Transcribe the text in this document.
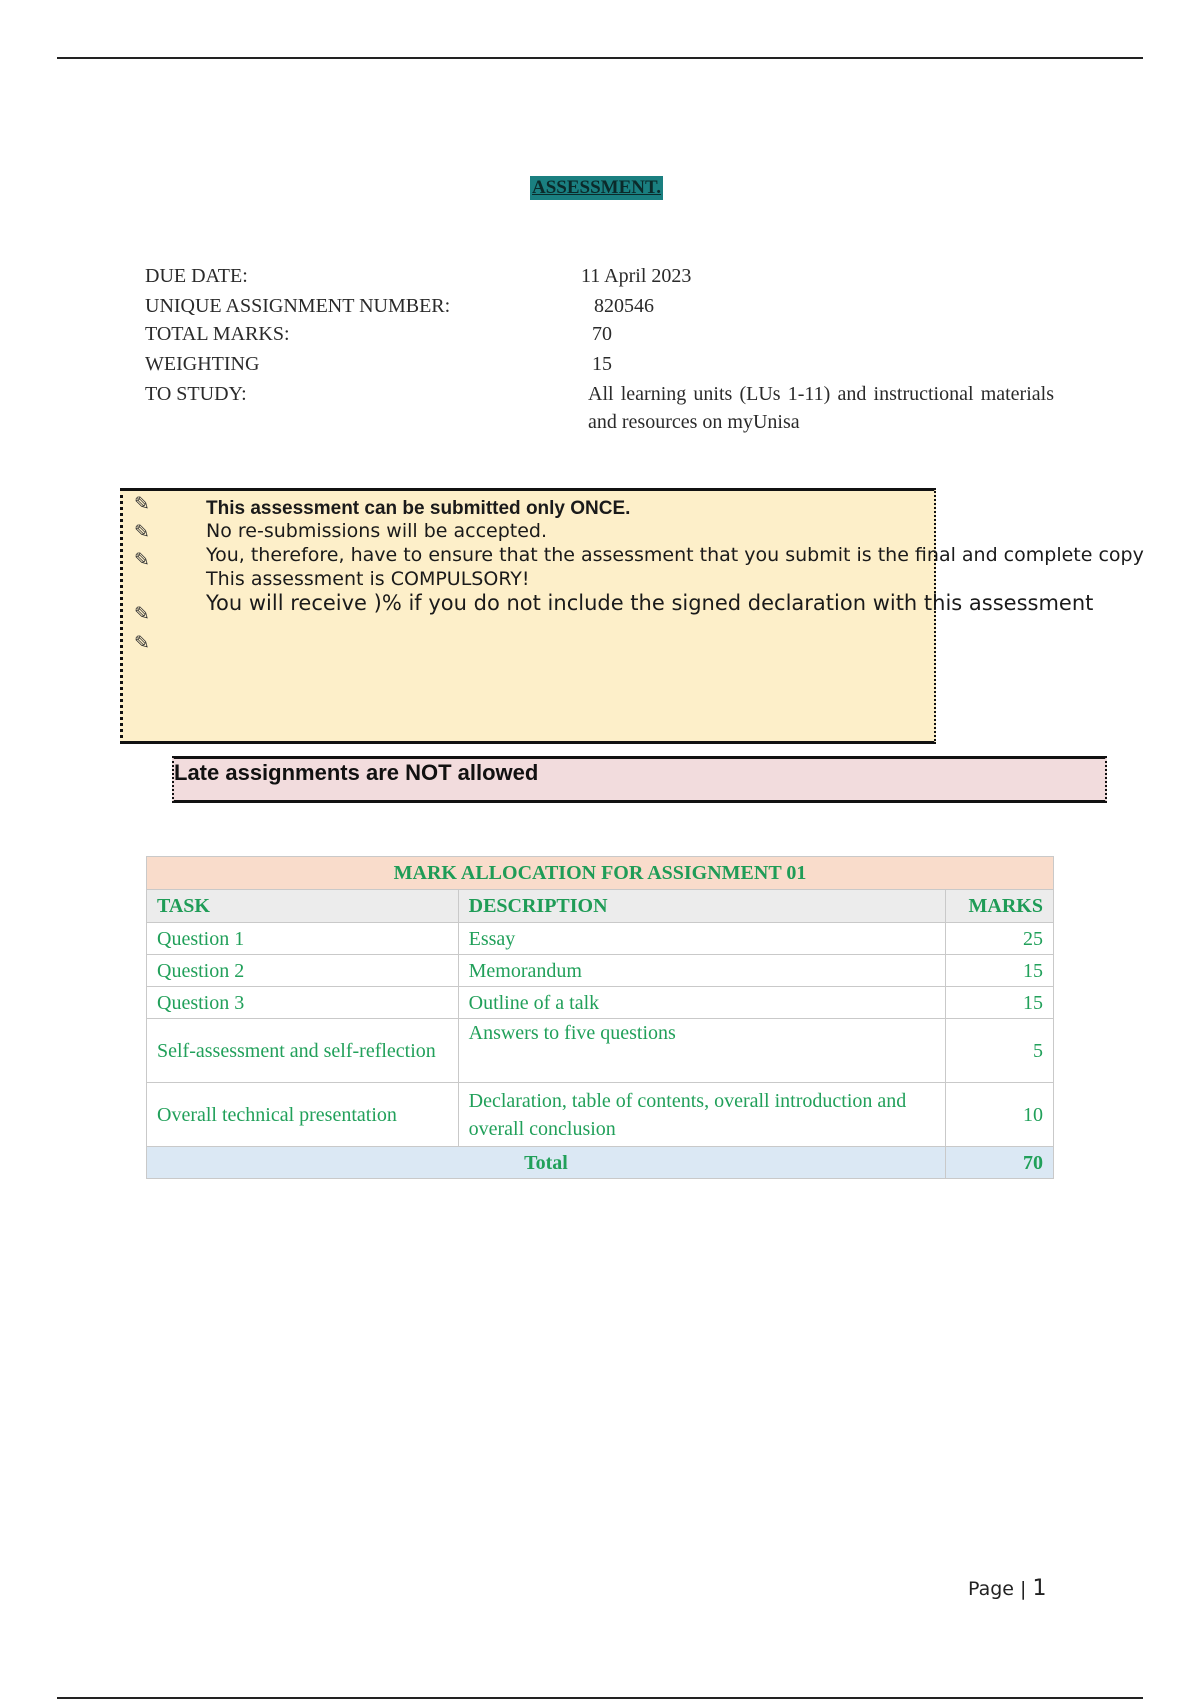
ASSESSMENT.
DUE DATE:	11 April 2023
UNIQUE ASSIGNMENT NUMBER:	820546
TOTAL MARKS:	70
WEIGHTING	15
TO STUDY:	All learning units (LUs 1-11) and instructional materials and resources on myUnisa
✎
✎
✎
✎
✎
This assessment can be submitted only ONCE.
No re-submissions will be accepted.
You, therefore, have to ensure that the assessment that you submit is the final and complete copy
This assessment is COMPULSORY!
You will receive )% if you do not include the signed declaration with this assessment
Late assignments are NOT allowed
MARK ALLOCATION FOR ASSIGNMENT 01		
TASK	DESCRIPTION	MARKS
Question 1	Essay	25
Question 2	Memorandum	15
Question 3	Outline of a talk	15
Self-assessment and self-reflection	Answers to five questions	5
Overall technical presentation	Declaration, table of contents, overall introduction and overall conclusion	10
Total		70
Page | 1
